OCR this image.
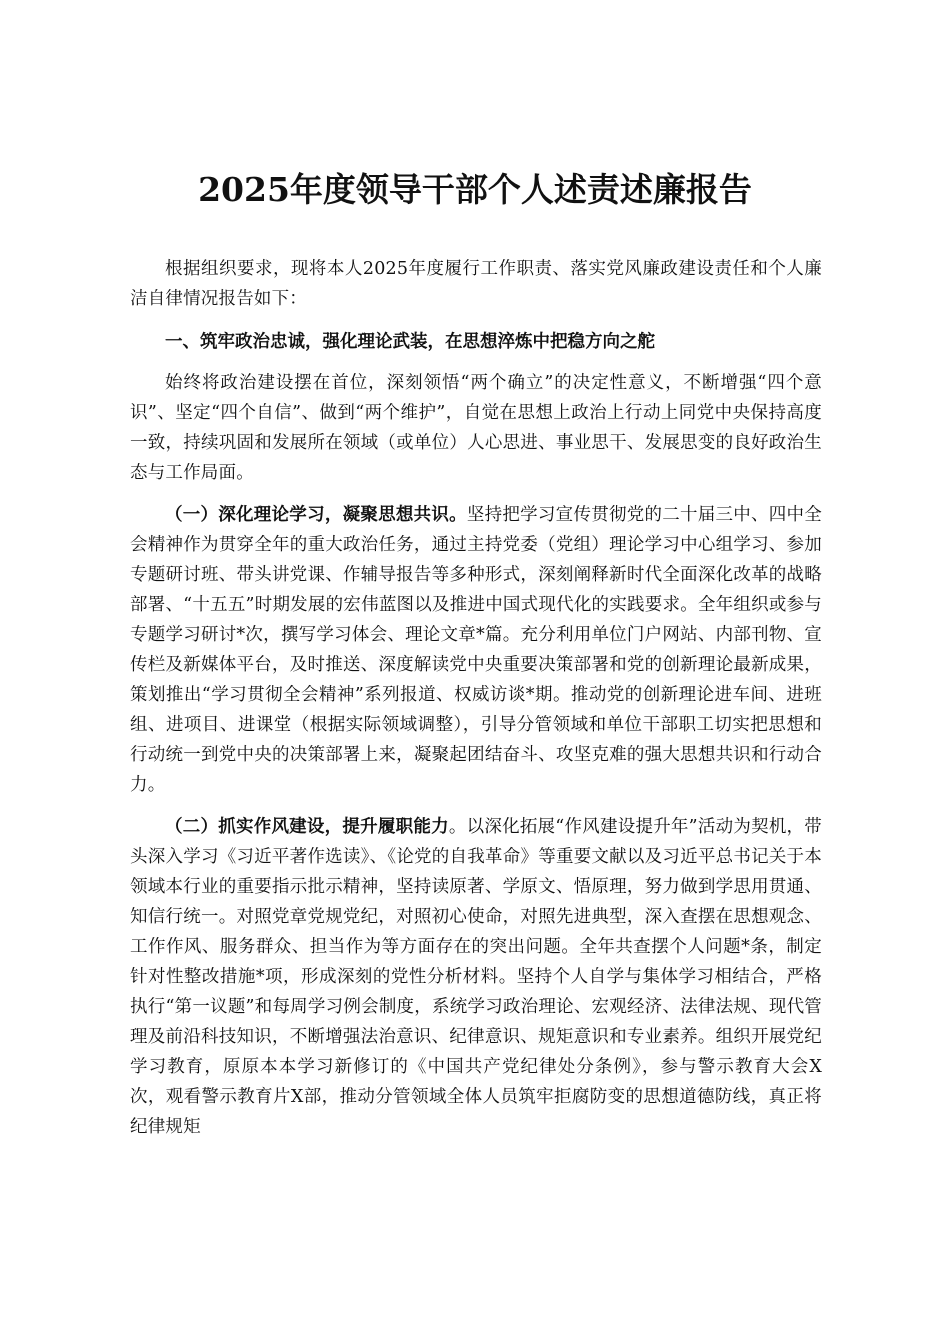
2025年度领导干部个人述责述廉报告

根据组织要求，现将本人2025年度履行工作职责、落实党风廉政建设责任和个人廉洁自律情况报告如下：

一、筑牢政治忠诚，强化理论武装，在思想淬炼中把稳方向之舵

始终将政治建设摆在首位，深刻领悟“两个确立”的决定性意义，不断增强“四个意识”、坚定“四个自信”、做到“两个维护”，自觉在思想上政治上行动上同党中央保持高度一致，持续巩固和发展所在领域（或单位）人心思进、事业思干、发展思变的良好政治生态与工作局面。

（一）深化理论学习，凝聚思想共识。坚持把学习宣传贯彻党的二十届三中、四中全会精神作为贯穿全年的重大政治任务，通过主持党委（党组）理论学习中心组学习、参加专题研讨班、带头讲党课、作辅导报告等多种形式，深刻阐释新时代全面深化改革的战略部署、“十五五”时期发展的宏伟蓝图以及推进中国式现代化的实践要求。全年组织或参与专题学习研讨*次，撰写学习体会、理论文章*篇。充分利用单位门户网站、内部刊物、宣传栏及新媒体平台，及时推送、深度解读党中央重要决策部署和党的创新理论最新成果，策划推出“学习贯彻全会精神”系列报道、权威访谈*期。推动党的创新理论进车间、进班组、进项目、进课堂（根据实际领域调整），引导分管领域和单位干部职工切实把思想和行动统一到党中央的决策部署上来，凝聚起团结奋斗、攻坚克难的强大思想共识和行动合力。

（二）抓实作风建设，提升履职能力。以深化拓展“作风建设提升年”活动为契机，带头深入学习《习近平著作选读》、《论党的自我革命》等重要文献以及习近平总书记关于本领域本行业的重要指示批示精神，坚持读原著、学原文、悟原理，努力做到学思用贯通、知信行统一。对照党章党规党纪，对照初心使命，对照先进典型，深入查摆在思想观念、工作作风、服务群众、担当作为等方面存在的突出问题。全年共查摆个人问题*条，制定针对性整改措施*项，形成深刻的党性分析材料。坚持个人自学与集体学习相结合，严格执行“第一议题”和每周学习例会制度，系统学习政治理论、宏观经济、法律法规、现代管理及前沿科技知识，不断增强法治意识、纪律意识、规矩意识和专业素养。组织开展党纪学习教育，原原本本学习新修订的《中国共产党纪律处分条例》，参与警示教育大会X次，观看警示教育片X部，推动分管领域全体人员筑牢拒腐防变的思想道德防线，真正将纪律规矩
